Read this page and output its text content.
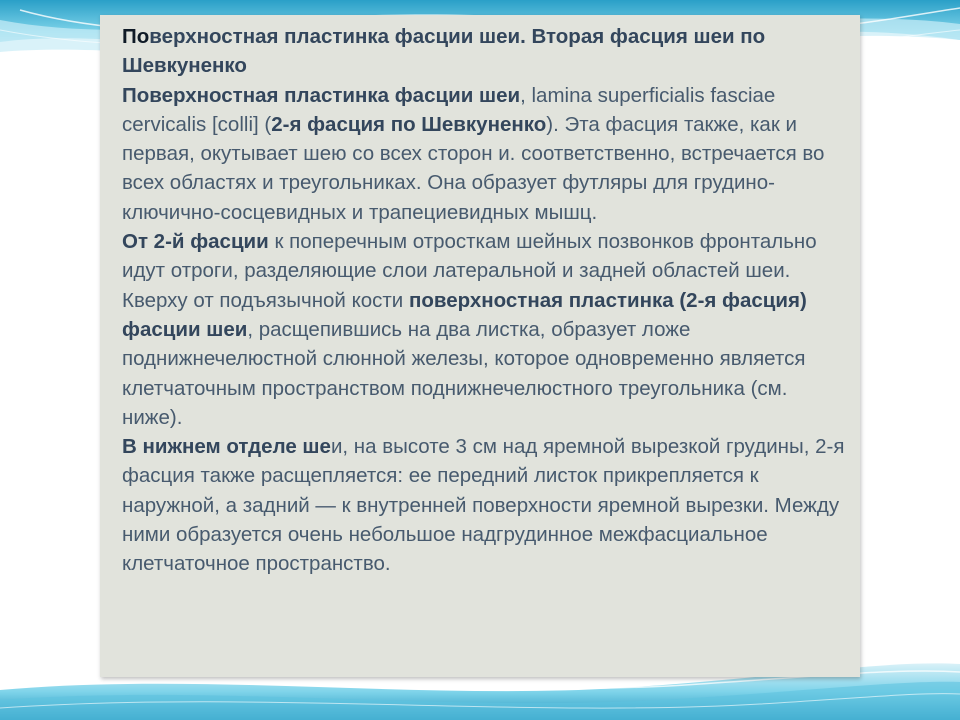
Поверхностная пластинка фасции шеи. Вторая фасция шеи по Шевкуненко

Поверхностная пластинка фасции шеи, lamina superficialis fasciae cervicalis [colli] (2-я фасция по Шевкуненко). Эта фасция также, как и первая, окутывает шею со всех сторон и. соответственно, встречается во всех областях и треугольниках. Она образует футляры для грудино-ключично-сосцевидных и трапециевидных мышц.

От 2-й фасции к поперечным отросткам шейных позвонков фронтально идут отроги, разделяющие слои латеральной и задней областей шеи.

Кверху от подъязычной кости поверхностная пластинка (2-я фасция) фасции шеи, расщепившись на два листка, образует ложе поднижнечелюстной слюнной железы, которое одновременно является клетчаточным пространством поднижнечелюстного треугольника (см. ниже).

В нижнем отделе шеи, на высоте 3 см над яремной вырезкой грудины, 2-я фасция также расщепляется: ее передний листок прикрепляется к наружной, а задний — к внутренней поверхности яремной вырезки. Между ними образуется очень небольшое надгрудинное межфасциальное клетчаточное пространство.
